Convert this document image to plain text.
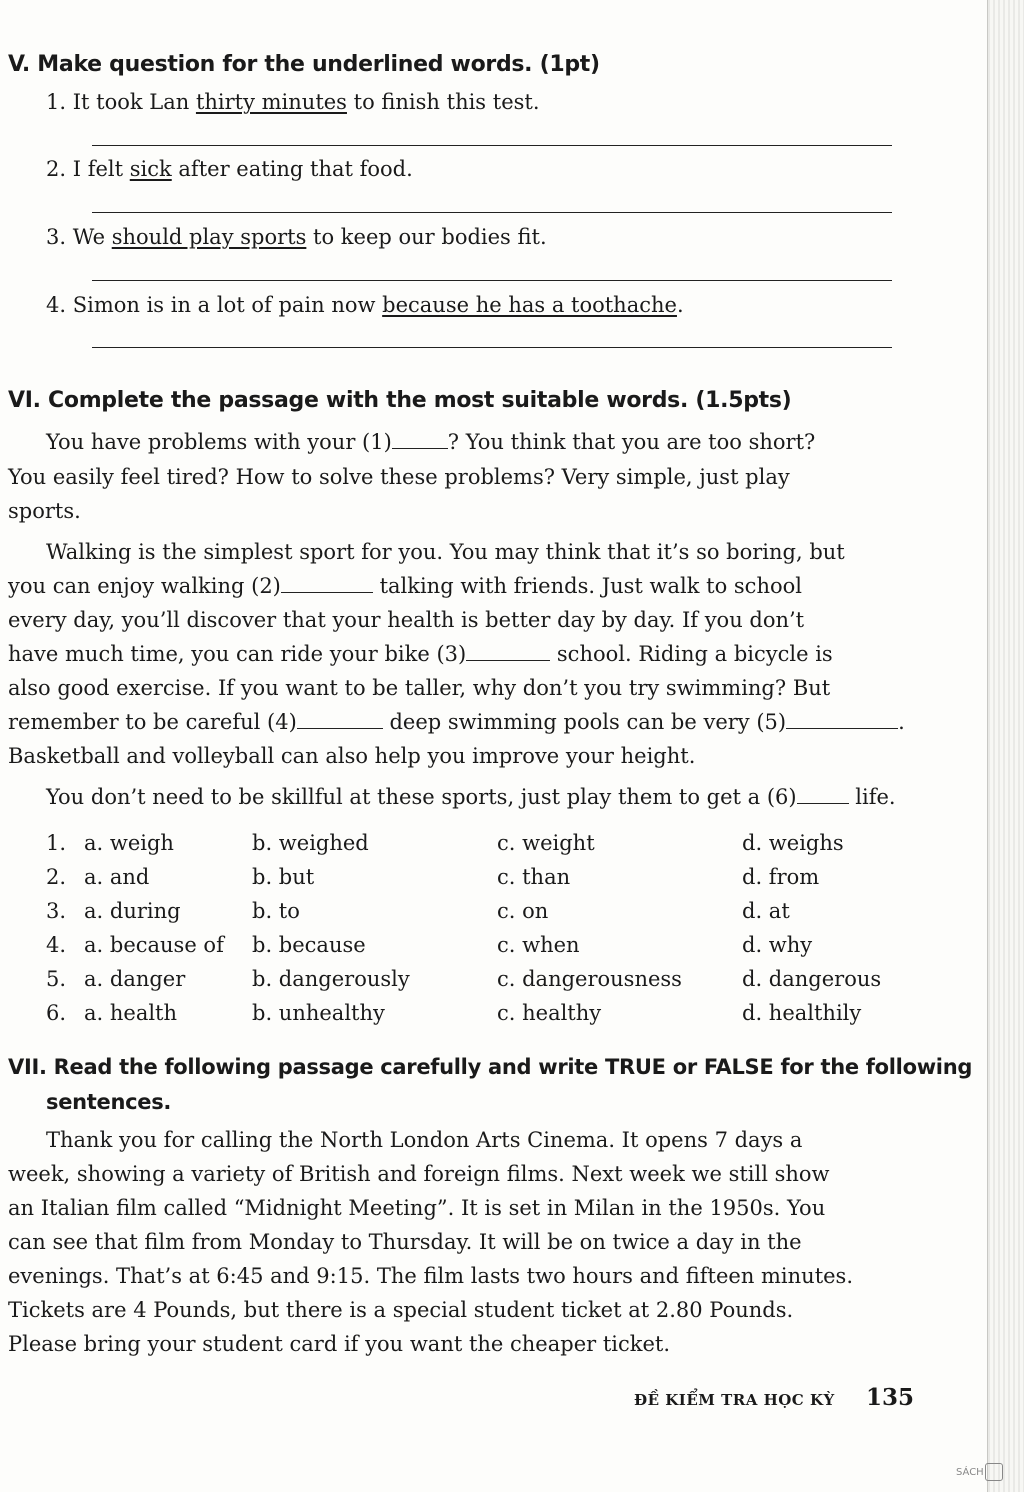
V. Make question for the underlined words. (1pt)
1. It took Lan thirty minutes to finish this test.
2. I felt sick after eating that food.
3. We should play sports to keep our bodies fit.
4. Simon is in a lot of pain now because he has a toothache.
VI. Complete the passage with the most suitable words. (1.5pts)
You have problems with your (1)	? You think that you are too short?
You easily feel tired? How to solve these problems? Very simple, just play
sports.
Walking is the simplest sport for you. You may think that it’s so boring, but
you can enjoy walking (2)	talking with friends. Just walk to school
every day, you’ll discover that your health is better day by day. If you don’t
have much time, you can ride your bike (3)	school. Riding a bicycle is
also good exercise. If you want to be taller, why don’t you try swimming? But
remember to be careful (4)	deep swimming pools can be very (5)	.
Basketball and volleyball can also help you improve your height.
You don’t need to be skillful at these sports, just play them to get a (6) life.
1. a. weigh	b. weighed	c. weight	d. weighs
2. a. and	b. but	c. than	d. from
3. a. during	b. to	c. on	d. at
4. a. because of b. because	c. when	d. why
5. a. danger	b. dangerously	c. dangerousness	d. dangerous
6. a. health	b. unhealthy	c. healthy	d. healthily
VII. Read the following passage carefully and write TRUE or FALSE for the following
sentences.
Thank you for calling the North London Arts Cinema. It opens 7 days a
week, showing a variety of British and foreign films. Next week we still show
an Italian film called “Midnight Meeting”. It is set in Milan in the 1950s. You
can see that film from Monday to Thursday. It will be on twice a day in the
evenings. That’s at 6:45 and 9:15. The film lasts two hours and fifteen minutes.
Tickets are 4 Pounds, but there is a special student ticket at 2.80 Pounds.
Please bring your student card if you want the cheaper ticket.
ĐỀ KIỂM TRA HỌC KỲ 135
SÁCH
